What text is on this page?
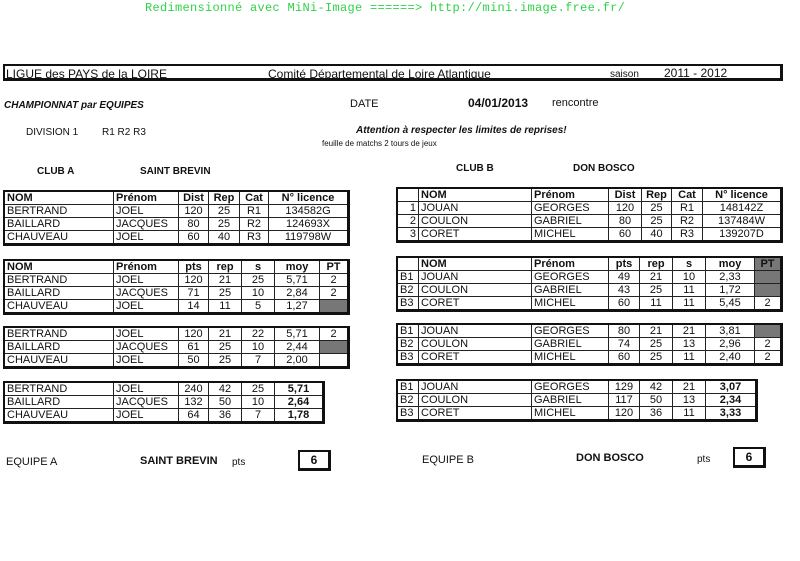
Redimensionné avec MiNi-Image ======> http://mini.image.free.fr/
LIGUE des PAYS de la LOIRE	Comité Départemental de Loire Atlantique	saison 2011 - 2012
CHAMPIONNAT par EQUIPES	DATE	04/01/2013 rencontre
DIVISION 1 R1 R2 R3	Attention à respecter les limites de reprises!
feuille de matchs 2 tours de jeux
CLUB A	SAINT BREVIN	CLUB B	DON BOSCO
NOM	Prénom	Dist	Rep	Cat	N° licence
BERTRAND	JOEL	120	25	R1	134582G
BAILLARD	JACQUES	80	25	R2	124693X
CHAUVEAU	JOEL	60	40	R3	119798W
	NOM	Prénom	Dist	Rep	Cat	N° licence
1	JOUAN	GEORGES	120	25	R1	148142Z
2	COULON	GABRIEL	80	25	R2	137484W
3	CORET	MICHEL	60	40	R3	139207D
NOM	Prénom	pts	rep	s	moy	PT
BERTRAND	JOEL	120	21	25	5,71	2
BAILLARD	JACQUES	71	25	10	2,84	2
CHAUVEAU	JOEL	14	11	5	1,27	
	NOM	Prénom	pts	rep	s	moy	PT
B1	JOUAN	GEORGES	49	21	10	2,33	
B2	COULON	GABRIEL	43	25	11	1,72	
B3	CORET	MICHEL	60	11	11	5,45	2
BERTRAND	JOEL	120	21	22	5,71	2
BAILLARD	JACQUES	61	25	10	2,44	
CHAUVEAU	JOEL	50	25	7	2,00	
B1	JOUAN	GEORGES	80	21	21	3,81	
B2	COULON	GABRIEL	74	25	13	2,96	2
B3	CORET	MICHEL	60	25	11	2,40	2
BERTRAND	JOEL	240	42	25	5,71
BAILLARD	JACQUES	132	50	10	2,64
CHAUVEAU	JOEL	64	36	7	1,78
B1	JOUAN	GEORGES	129	42	21	3,07
B2	COULON	GABRIEL	117	50	13	2,34
B3	CORET	MICHEL	120	36	11	3,33
EQUIPE A	SAINT BREVIN pts	6	EQUIPE B	DON BOSCO	pts	6
